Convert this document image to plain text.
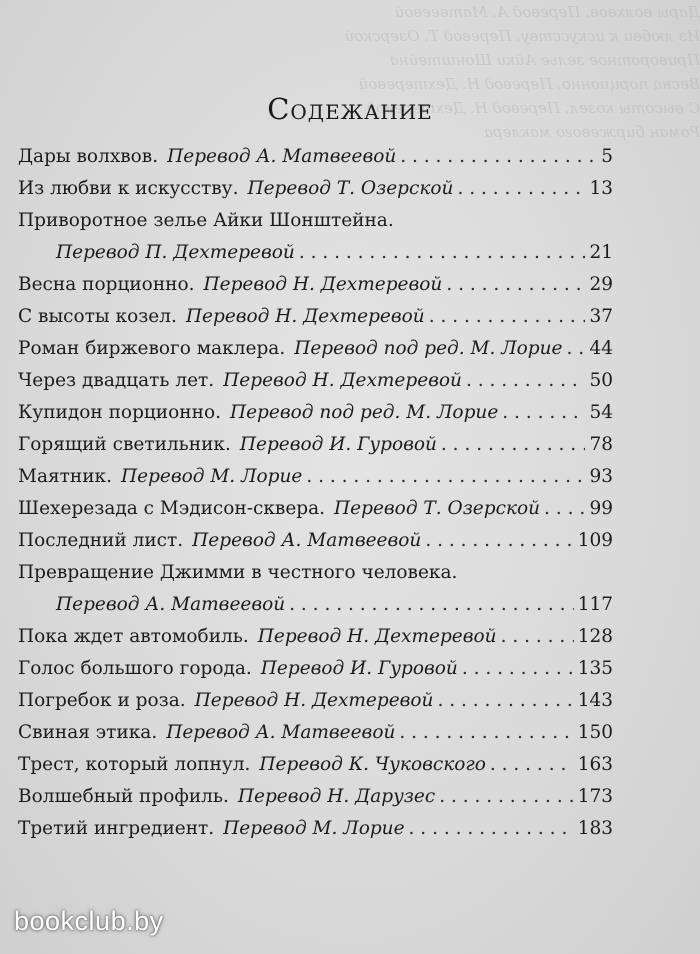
Дары волхвов. Перевод А. Матвеевой
Из любви к искусству. Перевод Т. Озерской
Приворотное зелье Айки Шонштейна
Весна порционно. Перевод Н. Дехтеревой
С высоты козел. Перевод Н. Дехтеревой
Роман биржевого маклера
Содежание
Дары волхвов. Перевод А. Матвеевой . . .	5
Из любви к искусству. Перевод Т. Озерской . . .	13
Приворотное зелье Айки Шонштейна.
Перевод П. Дехтеревой . . .	21
Весна порционно. Перевод Н. Дехтеревой . . .	29
С высоты козел. Перевод Н. Дехтеревой . . .	37
Роман биржевого маклера. Перевод под ред. М. Лорие . . . 44
Через двадцать лет. Перевод Н. Дехтеревой . . .	50
Купидон порционно. Перевод под ред. М. Лорие . . .	54
Горящий светильник. Перевод И. Гуровой . . .	78
Маятник. Перевод М. Лорие . . .	93
Шехерезада с Мэдисон-сквера. Перевод Т. Озерской . . .	99
Последний лист. Перевод А. Матвеевой . . .	109
Превращение Джимми в честного человека.
Перевод А. Матвеевой . . .	117
Пока ждет автомобиль. Перевод Н. Дехтеревой . . .	128
Голос большого города. Перевод И. Гуровой . . .	135
Погребок и роза. Перевод Н. Дехтеревой . . .	143
Свиная этика. Перевод А. Матвеевой . . .	150
Трест, который лопнул. Перевод К. Чуковского . . .	163
Волшебный профиль. Перевод Н. Дарузес . . .	173
Третий ингредиент. Перевод М. Лорие . . .	183
bookclub.by
